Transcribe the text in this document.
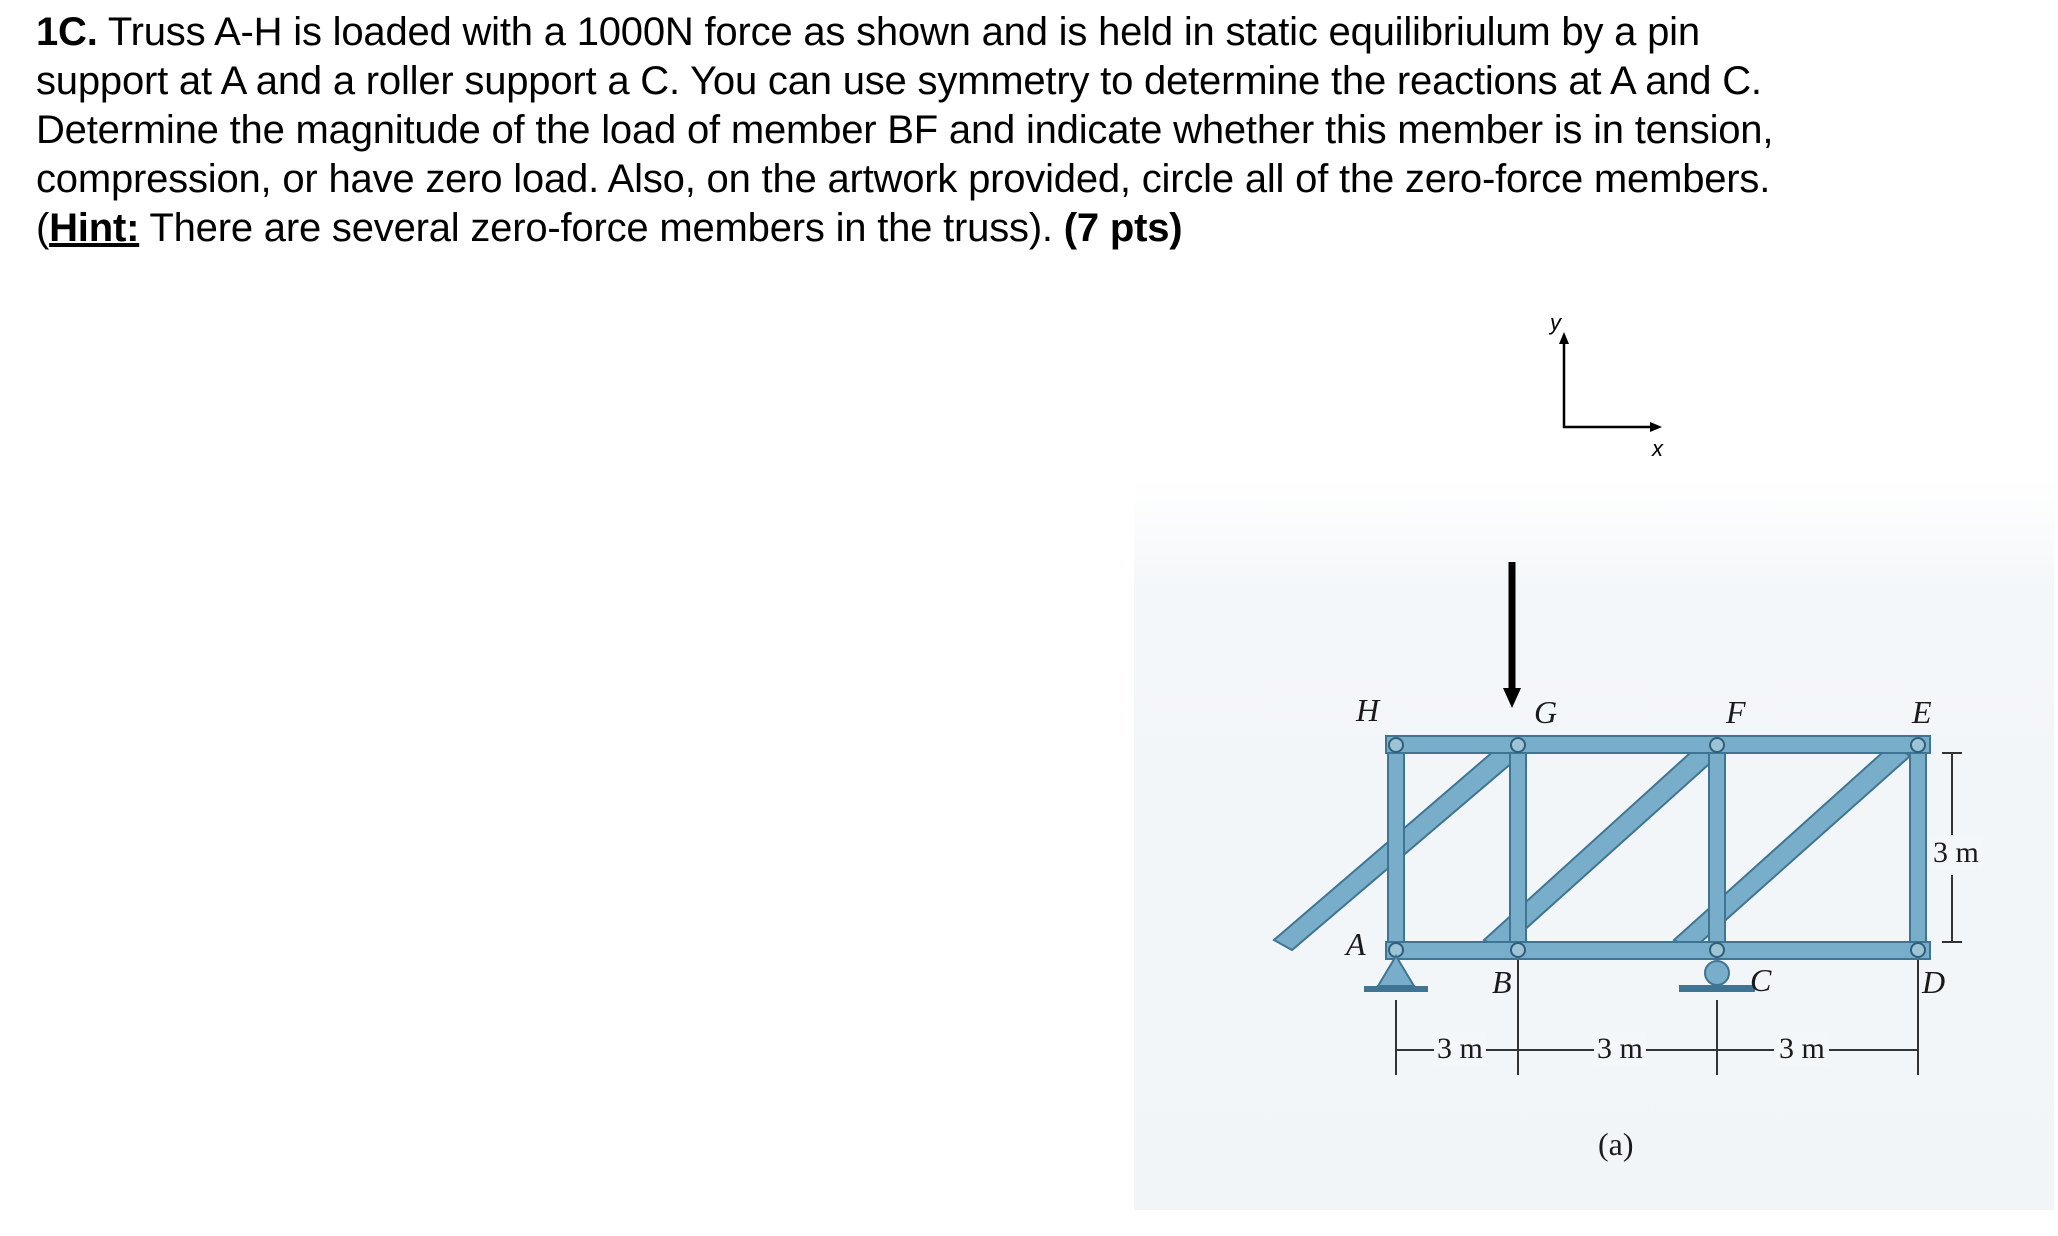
1C. Truss A-H is loaded with a 1000N force as shown and is held in static equilibriulum by a pin
support at A and a roller support a C. You can use symmetry to determine the reactions at A and C.
Determine the magnitude of the load of member BF and indicate whether this member is in tension,
compression, or have zero load. Also, on the artwork provided, circle all of the zero-force members.
(Hint: There are several zero-force members in the truss). (7 pts)
y
x
H	G	F	E
A
B	C	D
3 m
3 m	3 m	3 m
(a)
